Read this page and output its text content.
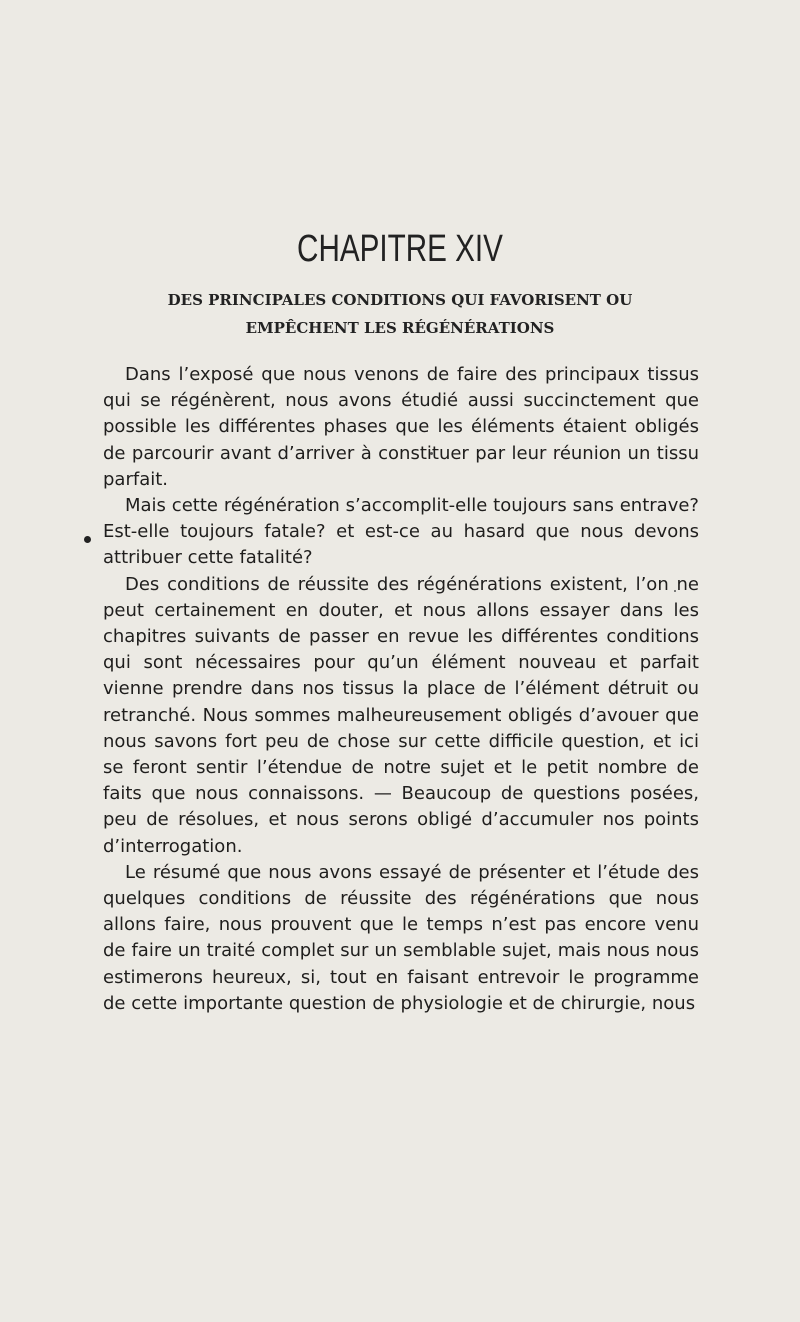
CHAPITRE XIV
DES PRINCIPALES CONDITIONS QUI FAVORISENT OU
EMPÊCHENT LES RÉGÉNÉRATIONS

Dans l’exposé que nous venons de faire des principaux tissus qui se régénèrent, nous avons étudié aussi succinctement que possible les différentes phases que les éléments étaient obligés de parcourir avant d’arriver à constituer par leur réunion un tissu parfait.

Mais cette régénération s’accomplit-elle toujours sans entrave? Est-elle toujours fatale? et est-ce au hasard que nous devons attribuer cette fatalité?

Des conditions de réussite des régénérations existent, l’on ne peut certainement en douter, et nous allons essayer dans les chapitres suivants de passer en revue les différentes conditions qui sont nécessaires pour qu’un élément nouveau et parfait vienne prendre dans nos tissus la place de l’élément détruit ou retranché. Nous sommes malheureusement obligés d’avouer que nous savons fort peu de chose sur cette difficile question, et ici se feront sentir l’étendue de notre sujet et le petit nombre de faits que nous connaissons. — Beaucoup de questions posées, peu de résolues, et nous serons obligé d’accumuler nos points d’interrogation.

Le résumé que nous avons essayé de présenter et l’étude des quelques conditions de réussite des régénérations que nous allons faire, nous prouvent que le temps n’est pas encore venu de faire un traité complet sur un semblable sujet, mais nous nous estimerons heureux, si, tout en faisant entrevoir le programme de cette importante question de physiologie et de chirurgie, nous
